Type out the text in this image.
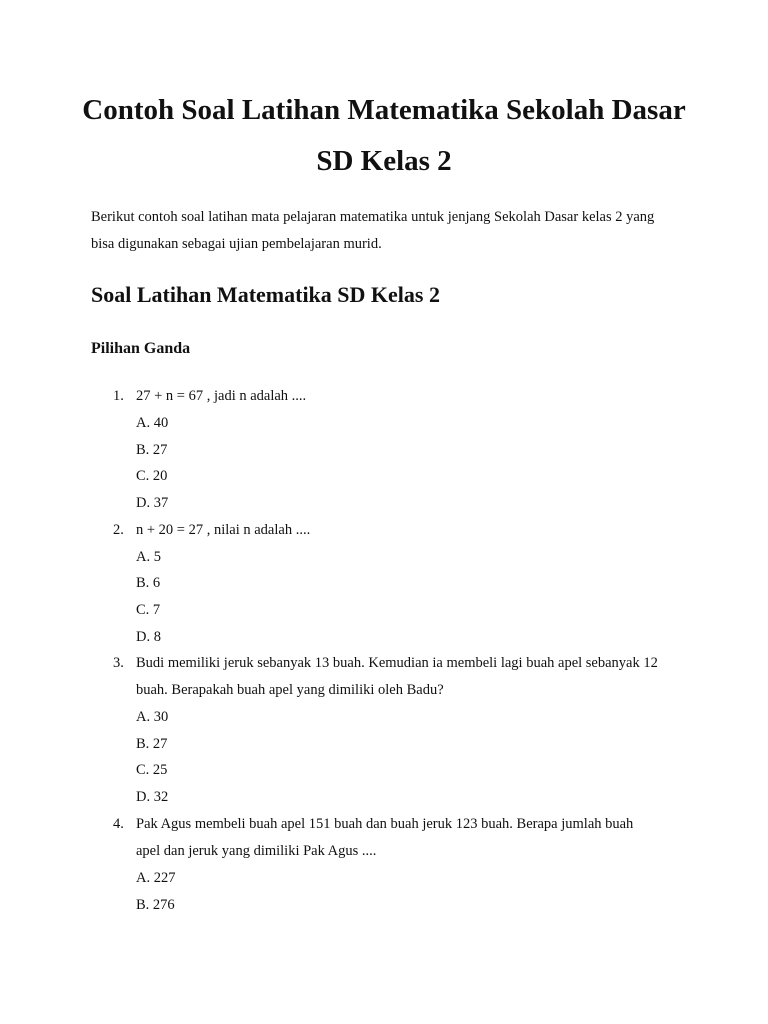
Contoh Soal Latihan Matematika Sekolah Dasar
SD Kelas 2
Berikut contoh soal latihan mata pelajaran matematika untuk jenjang Sekolah Dasar kelas 2 yang
bisa digunakan sebagai ujian pembelajaran murid.
Soal Latihan Matematika SD Kelas 2
Pilihan Ganda
1. 27 + n = 67 , jadi n adalah ....
A. 40
B. 27
C. 20
D. 37
2. n + 20 = 27 , nilai n adalah ....
A. 5
B. 6
C. 7
D. 8
3. Budi memiliki jeruk sebanyak 13 buah. Kemudian ia membeli lagi buah apel sebanyak 12
buah. Berapakah buah apel yang dimiliki oleh Badu?
A. 30
B. 27
C. 25
D. 32
4. Pak Agus membeli buah apel 151 buah dan buah jeruk 123 buah. Berapa jumlah buah
apel dan jeruk yang dimiliki Pak Agus ....
A. 227
B. 276
